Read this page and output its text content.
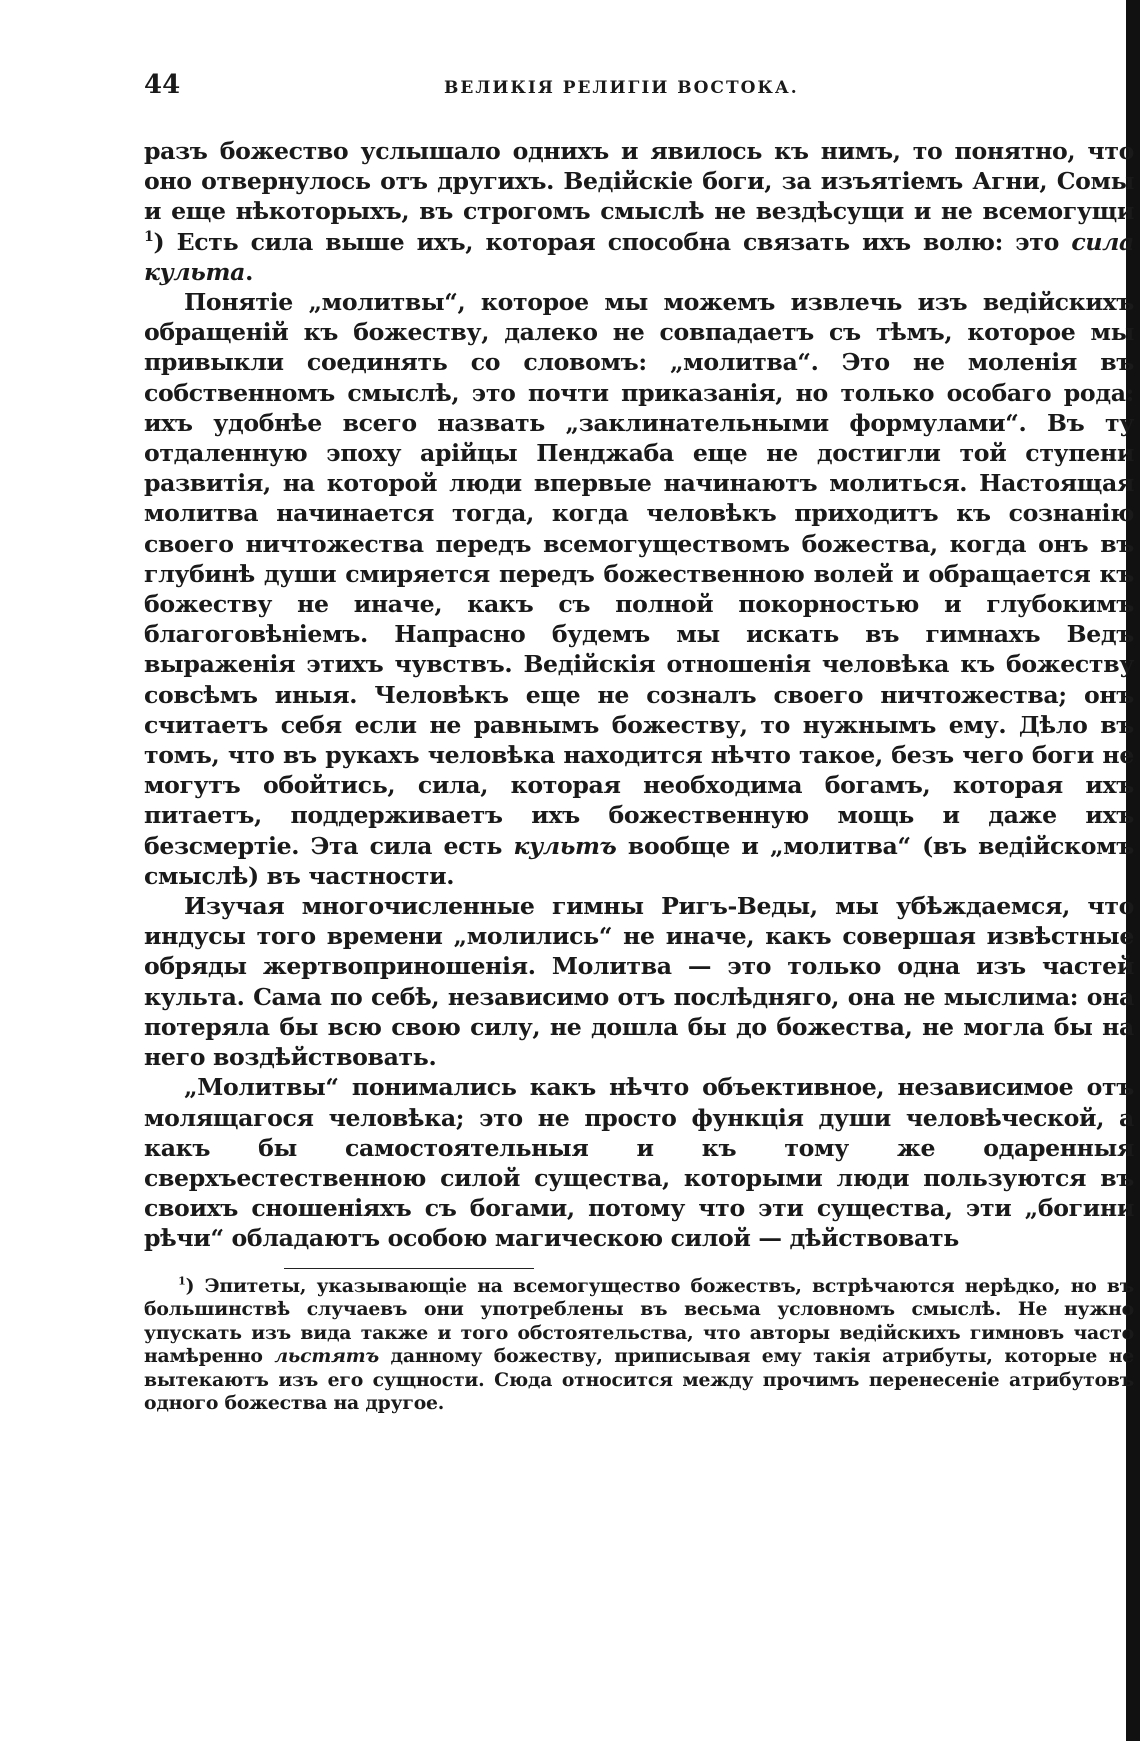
44	ВЕЛИКІЯ РЕЛИГІИ ВОСТОКА.

разъ божество услышало однихъ и явилось къ нимъ, то понятно, что оно отвернулось отъ другихъ. Ведійскіе боги, за изъятіемъ Агни, Сомы и еще нѣкоторыхъ, въ строгомъ смыслѣ не вездѣсущи и не всемогущи $^1$) Есть сила выше ихъ, которая способна связать ихъ волю: это сила культа.

Понятіе „молитвы“, которое мы можемъ извлечь изъ ведійскихъ обращеній къ божеству, далеко не совпадаетъ съ тѣмъ, которое мы привыкли соединять со словомъ: „молитва“. Это не моленія въ собственномъ смыслѣ, это почти приказанія, но только особаго рода: ихъ удобнѣе всего назвать „заклинательными формулами“. Въ ту отдаленную эпоху арійцы Пенджаба еще не достигли той ступени развитія, на которой люди впервые начинаютъ молиться. Настоящая молитва начинается тогда, когда человѣкъ приходитъ къ сознанію своего ничтожества передъ всемогуществомъ божества, когда онъ въ глубинѣ души смиряется передъ божественною волей и обращается къ божеству не иначе, какъ съ полной покорностью и глубокимъ благоговѣніемъ. Напрасно будемъ мы искать въ гимнахъ Ведъ выраженія этихъ чувствъ. Ведійскія отношенія человѣка къ божеству совсѣмъ иныя. Человѣкъ еще не созналъ своего ничтожества; онъ считаетъ себя если не равнымъ божеству, то нужнымъ ему. Дѣло въ томъ, что въ рукахъ человѣка находится нѣчто такое, безъ чего боги не могутъ обойтись, сила, которая необходима богамъ, которая ихъ питаетъ, поддерживаетъ ихъ божественную мощь и даже ихъ безсмертіе. Эта сила есть культъ вообще и „молитва“ (въ ведійскомъ смыслѣ) въ частности.

Изучая многочисленные гимны Ригъ-Веды, мы убѣждаемся, что индусы того времени „молились“ не иначе, какъ совершая извѣстные обряды жертвоприношенія. Молитва — это только одна изъ частей культа. Сама по себѣ, независимо отъ послѣдняго, она не мыслима: она потеряла бы всю свою силу, не дошла бы до божества, не могла бы на него воздѣйствовать.

„Молитвы“ понимались какъ нѣчто объективное, независимое отъ молящагося человѣка; это не просто функція души человѣческой, а какъ бы самостоятельныя и къ тому же одаренныя сверхъестественною силой существа, которыми люди пользуются въ своихъ сношеніяхъ съ богами, потому что эти существа, эти „богини рѣчи“ обладаютъ особою магическою силой — дѣйствовать

$^1$) Эпитеты, указывающіе на всемогущество божествъ, встрѣчаются нерѣдко, но въ большинствѣ случаевъ они употреблены въ весьма условномъ смыслѣ. Не нужно упускать изъ вида также и того обстоятельства, что авторы ведійскихъ гимновъ часто намѣренно льстятъ данному божеству, приписывая ему такія атрибуты, которые не вытекаютъ изъ его сущности. Сюда относится между прочимъ перенесеніе атрибутовъ одного божества на другое.
